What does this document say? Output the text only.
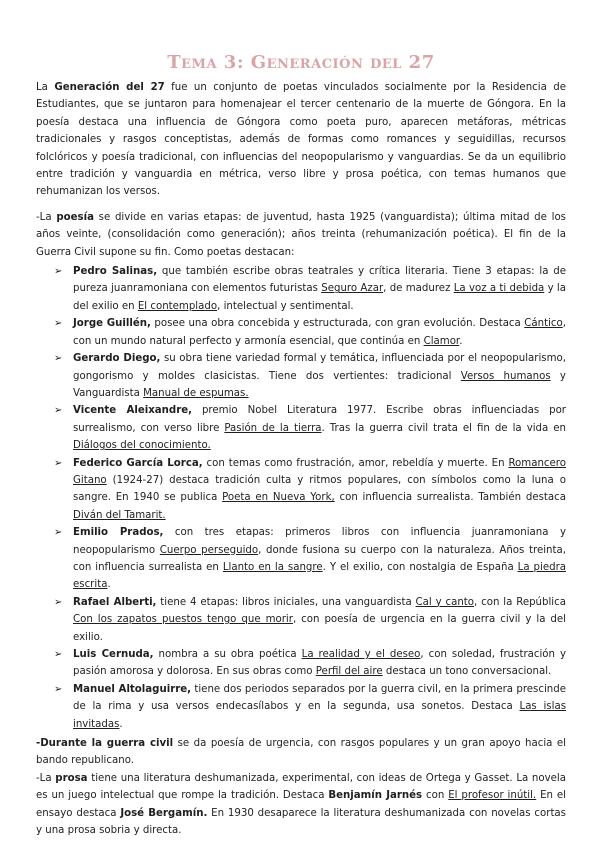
Tema 3: Generación del 27

La Generación del 27 fue un conjunto de poetas vinculados socialmente por la Residencia de Estudiantes, que se juntaron para homenajear el tercer centenario de la muerte de Góngora. En la poesía destaca una influencia de Góngora como poeta puro, aparecen metáforas, métricas tradicionales y rasgos conceptistas, además de formas como romances y seguidillas, recursos folclóricos y poesía tradicional, con influencias del neopopularismo y vanguardias. Se da un equilibrio entre tradición y vanguardia en métrica, verso libre y prosa poética, con temas humanos que rehumanizan los versos.

-La poesía se divide en varias etapas: de juventud, hasta 1925 (vanguardista); última mitad de los años veinte, (consolidación como generación); años treinta (rehumanización poética). El fin de la Guerra Civil supone su fin. Como poetas destacan:

➢ Pedro Salinas, que también escribe obras teatrales y crítica literaria. Tiene 3 etapas: la de pureza juanramoniana con elementos futuristas Seguro Azar, de madurez La voz a ti debida y la del exilio en El contemplado, intelectual y sentimental.
➢ Jorge Guillén, posee una obra concebida y estructurada, con gran evolución. Destaca Cántico, con un mundo natural perfecto y armonía esencial, que continúa en Clamor.
➢ Gerardo Diego, su obra tiene variedad formal y temática, influenciada por el neopopularismo, gongorismo y moldes clasicistas. Tiene dos vertientes: tradicional Versos humanos y Vanguardista Manual de espumas.
➢ Vicente Aleixandre, premio Nobel Literatura 1977. Escribe obras influenciadas por surrealismo, con verso libre Pasión de la tierra. Tras la guerra civil trata el fin de la vida en Diálogos del conocimiento.
➢ Federico García Lorca, con temas como frustración, amor, rebeldía y muerte. En Romancero Gitano (1924-27) destaca tradición culta y ritmos populares, con símbolos como la luna o sangre. En 1940 se publica Poeta en Nueva York, con influencia surrealista. También destaca Diván del Tamarit.
➢ Emilio Prados, con tres etapas: primeros libros con influencia juanramoniana y neopopularismo Cuerpo perseguido, donde fusiona su cuerpo con la naturaleza. Años treinta, con influencia surrealista en Llanto en la sangre. Y el exilio, con nostalgia de España La piedra escrita.
➢ Rafael Alberti, tiene 4 etapas: libros iniciales, una vanguardista Cal y canto, con la República Con los zapatos puestos tengo que morir, con poesía de urgencia en la guerra civil y la del exilio.
➢ Luis Cernuda, nombra a su obra poética La realidad y el deseo, con soledad, frustración y pasión amorosa y dolorosa. En sus obras como Perfil del aire destaca un tono conversacional.
➢ Manuel Altolaguirre, tiene dos periodos separados por la guerra civil, en la primera prescinde de la rima y usa versos endecasílabos y en la segunda, usa sonetos. Destaca Las islas invitadas.

-Durante la guerra civil se da poesía de urgencia, con rasgos populares y un gran apoyo hacia el bando republicano.

-La prosa tiene una literatura deshumanizada, experimental, con ideas de Ortega y Gasset. La novela es un juego intelectual que rompe la tradición. Destaca Benjamín Jarnés con El profesor inútil. En el ensayo destaca José Bergamín. En 1930 desaparece la literatura deshumanizada con novelas cortas y una prosa sobria y directa.
